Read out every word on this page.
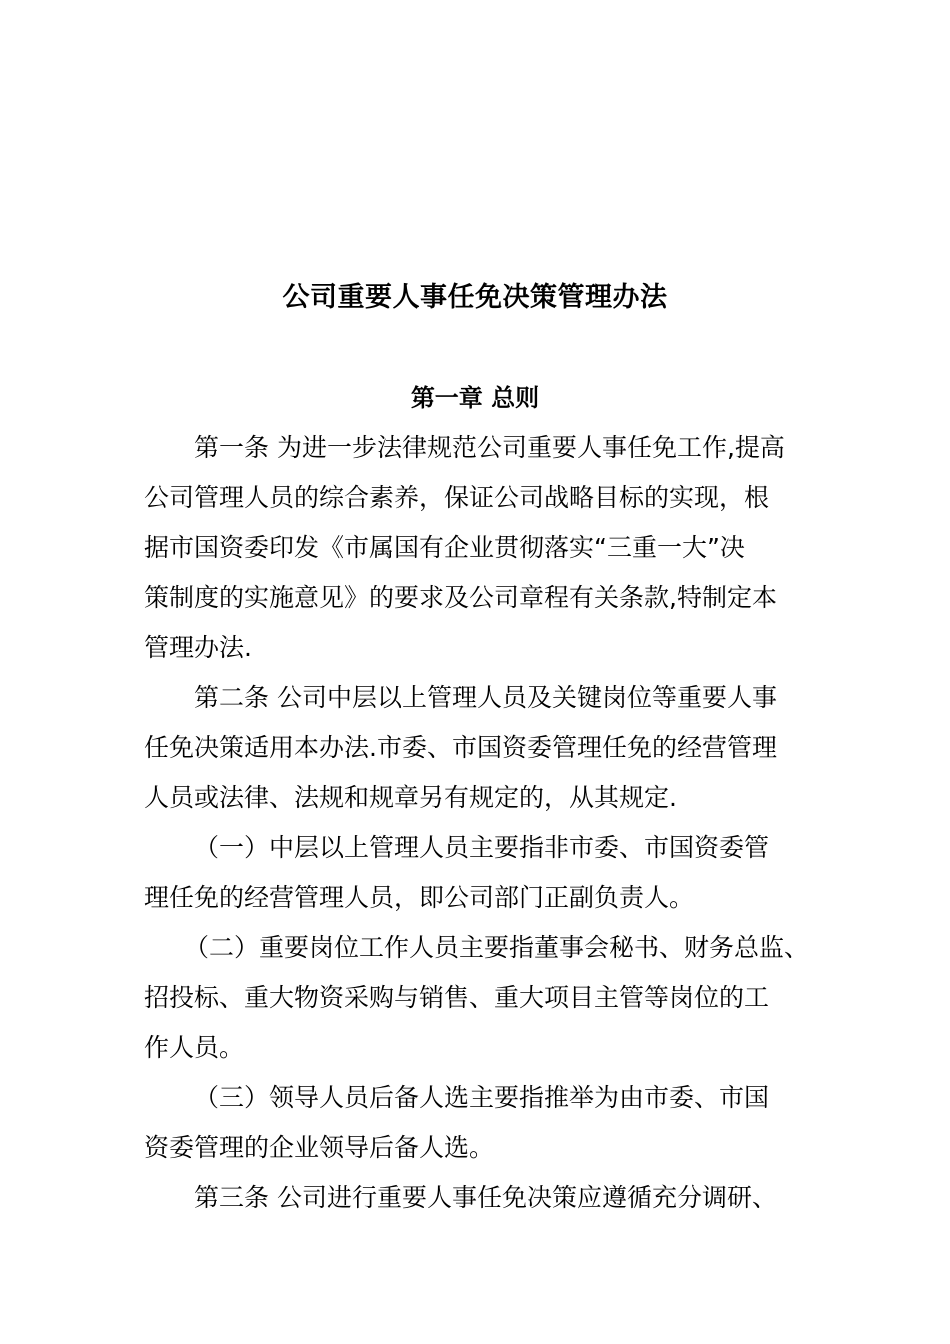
公司重要人事任免决策管理办法
第一章 总则
第一条 为进一步法律规范公司重要人事任免工作,提高
公司管理人员的综合素养，保证公司战略目标的实现，根
据市国资委印发《市属国有企业贯彻落实“三重一大”决
策制度的实施意见》的要求及公司章程有关条款,特制定本
管理办法.
第二条 公司中层以上管理人员及关键岗位等重要人事
任免决策适用本办法.市委、市国资委管理任免的经营管理
人员或法律、法规和规章另有规定的，从其规定.
（一）中层以上管理人员主要指非市委、市国资委管
理任免的经营管理人员，即公司部门正副负责人。
（二）重要岗位工作人员主要指董事会秘书、财务总监、
招投标、重大物资采购与销售、重大项目主管等岗位的工
作人员。
（三）领导人员后备人选主要指推举为由市委、市国
资委管理的企业领导后备人选。
第三条 公司进行重要人事任免决策应遵循充分调研、
